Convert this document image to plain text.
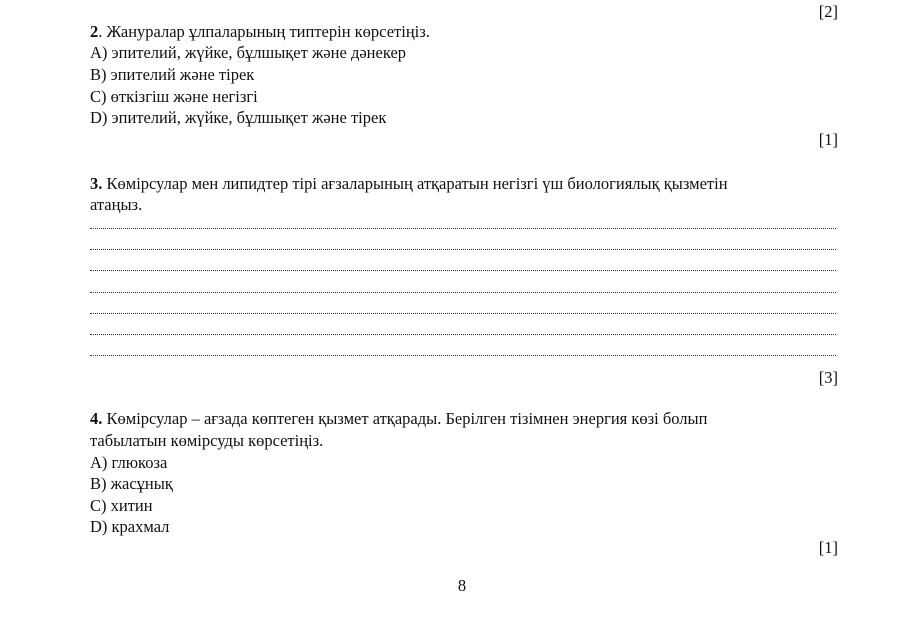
[2]
2. Жануралар ұлпаларының типтерін көрсетіңіз.
A) эпителий, жүйке, бұлшықет және дәнекер
B) эпителий және тірек
C) өткізгіш және негізгі
D) эпителий, жүйке, бұлшықет және тірек
[1]
3. Көмірсулар мен липидтер тірі ағзаларының атқаратын негізгі үш биологиялық қызметін
атаңыз.
[3]
4. Көмірсулар – ағзада көптеген қызмет атқарады. Берілген тізімнен энергия көзі болып
табылатын көмірсуды көрсетіңіз.
A) глюкоза
B) жасұнық
C) хитин
D) крахмал
[1]
8
